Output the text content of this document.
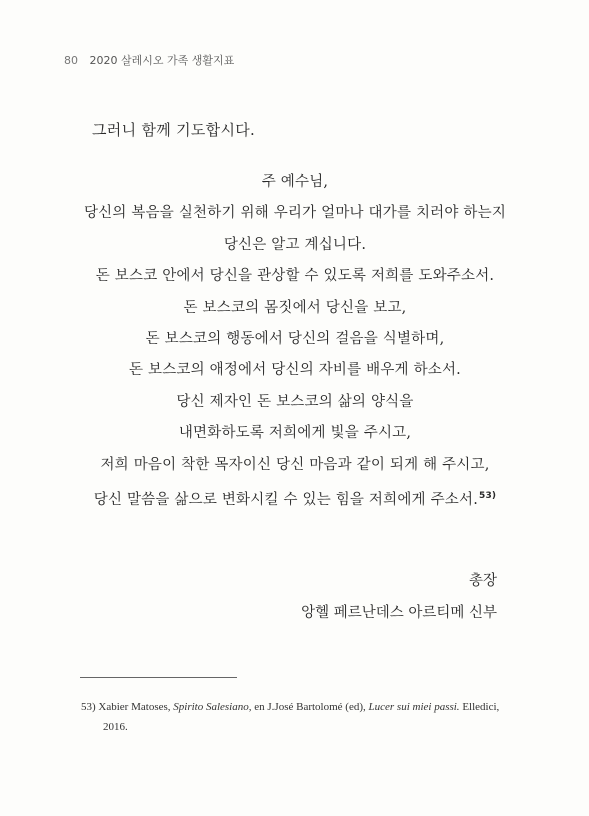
80 2020 살레시오 가족 생활지표
그러니 함께 기도합시다.
주 예수님,
당신의 복음을 실천하기 위해 우리가 얼마나 대가를 치러야 하는지
당신은 알고 계십니다.
돈 보스코 안에서 당신을 관상할 수 있도록 저희를 도와주소서.
돈 보스코의 몸짓에서 당신을 보고,
돈 보스코의 행동에서 당신의 걸음을 식별하며,
돈 보스코의 애정에서 당신의 자비를 배우게 하소서.
당신 제자인 돈 보스코의 삶의 양식을
내면화하도록 저희에게 빛을 주시고,
저희 마음이 착한 목자이신 당신 마음과 같이 되게 해 주시고,
당신 말씀을 삶으로 변화시킬 수 있는 힘을 저희에게 주소서.$^{53)}$
총장
앙헬 페르난데스 아르티메 신부
53) Xabier Matoses, Spirito Salesiano, en J.José Bartolomé (ed), Lucer sui miei passi. Elledici,
2016.
